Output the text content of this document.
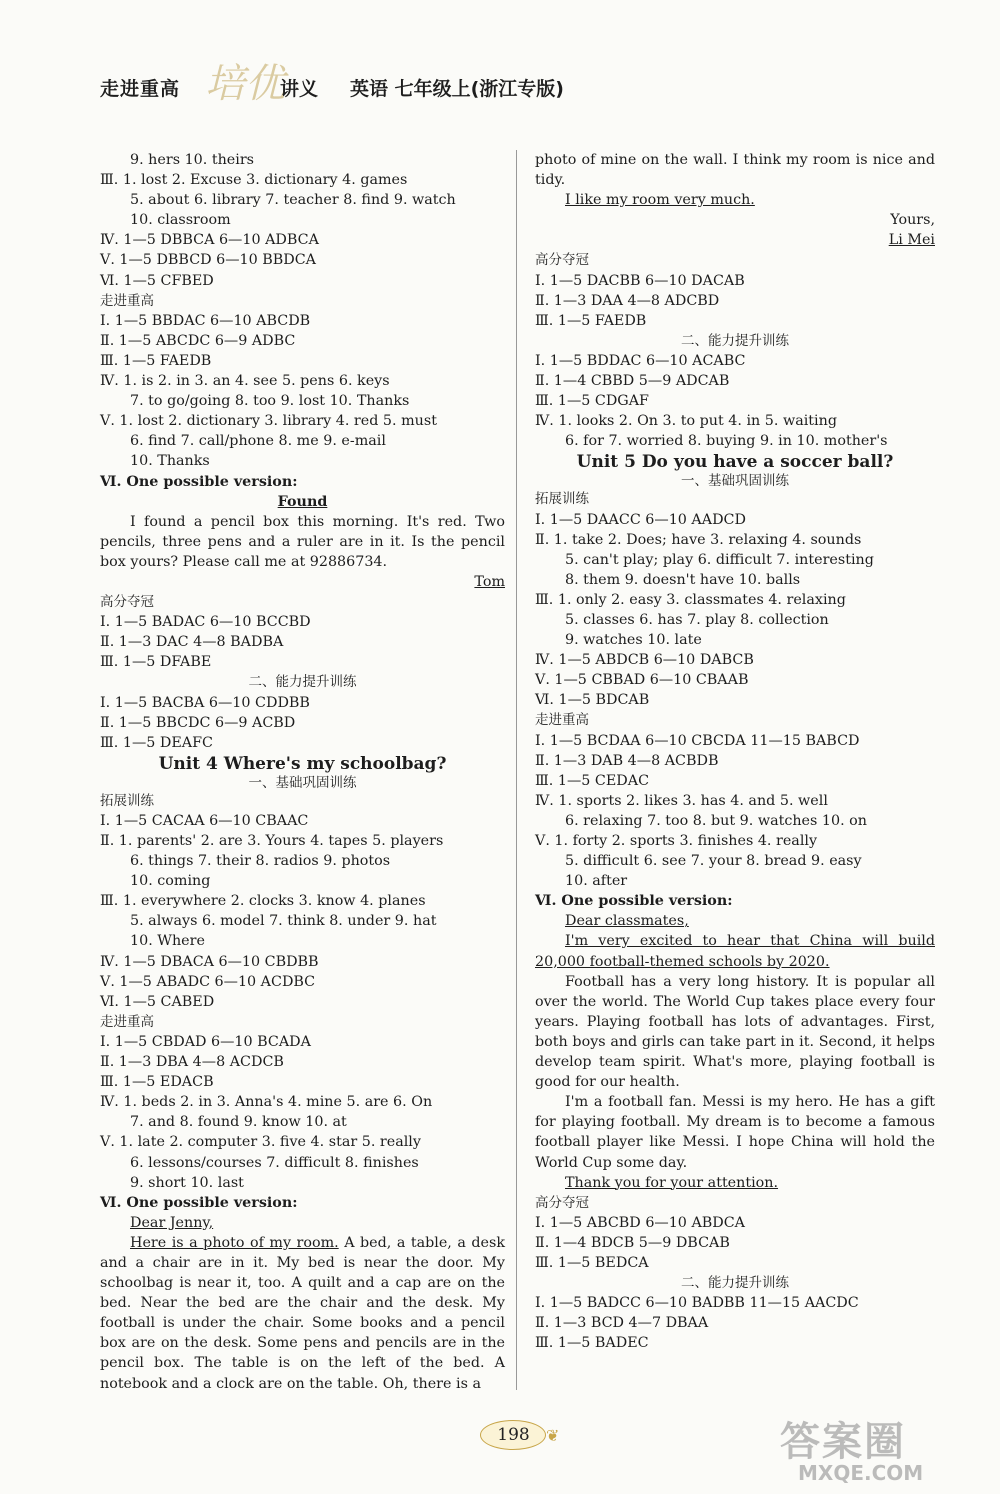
走进重高 培优
讲义 英语 七年级上(浙江专版)
9. hers 10. theirs
Ⅲ. 1. lost 2. Excuse 3. dictionary 4. games
5. about 6. library 7. teacher 8. find 9. watch
10. classroom
Ⅳ. 1—5 DBBCA 6—10 ADBCA
Ⅴ. 1—5 DBBCD 6—10 BBDCA
Ⅵ. 1—5 CFBED
走进重高
Ⅰ. 1—5 BBDAC 6—10 ABCDB
Ⅱ. 1—5 ABCDC 6—9 ADBC
Ⅲ. 1—5 FAEDB
Ⅳ. 1. is 2. in 3. an 4. see 5. pens 6. keys
7. to go/going 8. too 9. lost 10. Thanks
Ⅴ. 1. lost 2. dictionary 3. library 4. red 5. must
6. find 7. call/phone 8. me 9. e-mail
10. Thanks
Ⅵ. One possible version:
Found
I found a pencil box this morning. It's red. Two pencils, three pens and a ruler are in it. Is the pencil box yours? Please call me at 92886734.
Tom
高分夺冠
Ⅰ. 1—5 BADAC 6—10 BCCBD
Ⅱ. 1—3 DAC 4—8 BADBA
Ⅲ. 1—5 DFABE
二、能力提升训练
Ⅰ. 1—5 BACBA 6—10 CDDBB
Ⅱ. 1—5 BBCDC 6—9 ACBD
Ⅲ. 1—5 DEAFC
Unit 4 Where's my schoolbag?
一、基础巩固训练
拓展训练
Ⅰ. 1—5 CACAA 6—10 CBAAC
Ⅱ. 1. parents' 2. are 3. Yours 4. tapes 5. players
6. things 7. their 8. radios 9. photos
10. coming
Ⅲ. 1. everywhere 2. clocks 3. know 4. planes
5. always 6. model 7. think 8. under 9. hat
10. Where
Ⅳ. 1—5 DBACA 6—10 CBDBB
Ⅴ. 1—5 ABADC 6—10 ACDBC
Ⅵ. 1—5 CABED
走进重高
Ⅰ. 1—5 CBDAD 6—10 BCADA
Ⅱ. 1—3 DBA 4—8 ACDCB
Ⅲ. 1—5 EDACB
Ⅳ. 1. beds 2. in 3. Anna's 4. mine 5. are 6. On
7. and 8. found 9. know 10. at
Ⅴ. 1. late 2. computer 3. five 4. star 5. really
6. lessons/courses 7. difficult 8. finishes
9. short 10. last
Ⅵ. One possible version:
Dear Jenny,
Here is a photo of my room. A bed, a table, a desk and a chair are in it. My bed is near the door. My schoolbag is near it, too. A quilt and a cap are on the bed. Near the bed are the chair and the desk. My football is under the chair. Some books and a pencil box are on the desk. Some pens and pencils are in the pencil box. The table is on the left of the bed. A notebook and a clock are on the table. Oh, there is a
photo of mine on the wall. I think my room is nice and tidy.
I like my room very much.
Yours,
Li Mei
高分夺冠
Ⅰ. 1—5 DACBB 6—10 DACAB
Ⅱ. 1—3 DAA 4—8 ADCBD
Ⅲ. 1—5 FAEDB
二、能力提升训练
Ⅰ. 1—5 BDDAC 6—10 ACABC
Ⅱ. 1—4 CBBD 5—9 ADCAB
Ⅲ. 1—5 CDGAF
Ⅳ. 1. looks 2. On 3. to put 4. in 5. waiting
6. for 7. worried 8. buying 9. in 10. mother's
Unit 5 Do you have a soccer ball?
一、基础巩固训练
拓展训练
Ⅰ. 1—5 DAACC 6—10 AADCD
Ⅱ. 1. take 2. Does; have 3. relaxing 4. sounds
5. can't play; play 6. difficult 7. interesting
8. them 9. doesn't have 10. balls
Ⅲ. 1. only 2. easy 3. classmates 4. relaxing
5. classes 6. has 7. play 8. collection
9. watches 10. late
Ⅳ. 1—5 ABDCB 6—10 DABCB
Ⅴ. 1—5 CBBAD 6—10 CBAAB
Ⅵ. 1—5 BDCAB
走进重高
Ⅰ. 1—5 BCDAA 6—10 CBCDA 11—15 BABCD
Ⅱ. 1—3 DAB 4—8 ACBDB
Ⅲ. 1—5 CEDAC
Ⅳ. 1. sports 2. likes 3. has 4. and 5. well
6. relaxing 7. too 8. but 9. watches 10. on
Ⅴ. 1. forty 2. sports 3. finishes 4. really
5. difficult 6. see 7. your 8. bread 9. easy
10. after
Ⅵ. One possible version:
Dear classmates,
I'm very excited to hear that China will build 20,000 football-themed schools by 2020.
Football has a very long history. It is popular all over the world. The World Cup takes place every four years. Playing football has lots of advantages. First, both boys and girls can take part in it. Second, it helps develop team spirit. What's more, playing football is good for our health.
I'm a football fan. Messi is my hero. He has a gift for playing football. My dream is to become a famous football player like Messi. I hope China will hold the World Cup some day.
Thank you for your attention.
高分夺冠
Ⅰ. 1—5 ABCBD 6—10 ABDCA
Ⅱ. 1—4 BDCB 5—9 DBCAB
Ⅲ. 1—5 BEDCA
二、能力提升训练
Ⅰ. 1—5 BADCC 6—10 BADBB 11—15 AACDC
Ⅱ. 1—3 BCD 4—7 DBAA
Ⅲ. 1—5 BADEC
198	❦	答案圈
MXQE.COM
